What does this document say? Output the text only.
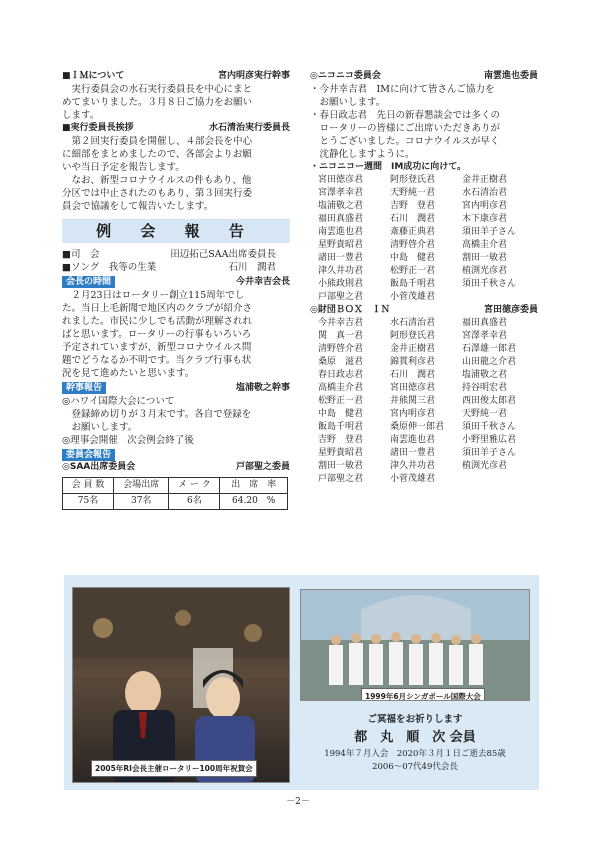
■ＩＭについて	宮内明彦実行幹事
実行委員会の水石実行委員長を中心にまと
めてまいりました。３月８日ご協力をお願い
します。
■実行委員長挨拶	水石清治実行委員長
第２回実行委員を開催し、４部会長を中心
に細部をまとめましたので、各部会よりお願
いや当日予定を報告します。
なお、新型コロナウイルスの件もあり、他
分区では中止されたのもあり、第３回実行委
員会で協議をして報告いたします。
例 会 報 告
■司　会	田辺拓己SAA出席委員長
■ソング　我等の生業	石川　潤君
会長の時間	今井幸吉会長
２月23日はロータリー創立115周年でし
た。当日上毛新聞で地区内のクラブが紹介さ
れました。市民に少しでも活動が理解されれ
ばと思います。ロータリーの行事もいろいろ
予定されていますが、新型コロナウイルス問
題でどうなるか不明です。当クラブ行事も状
況を見て進めたいと思います。
幹事報告	塩浦敬之幹事
◎ハワイ国際大会について
登録締め切りが３月末です。各自で登録を
お願いします。
◎理事会開催　次会例会終了後
委員会報告
◎SAA出席委員会	戸部聖之委員
会 員 数	会場出席	メ ー ク	出　席　率
75名	37名	6名	64.20　%
◎ニコニコ委員会	南雲進也委員
・今井幸吉君　IMに向けて皆さんご協力を
お願いします。
・春日政志君　先日の新春懇談会では多くの
ロータリーの皆様にご出席いただきありが
とうございました。コロナウイルスが早く
沈静化しますように。
・ニコニコー週間　IM成功に向けて。
宮田徳彦君	阿形登氏君	金井正樹君
宮澤孝幸君	天野純一君	水石清治君
塩浦敬之君	吉野　登君	宮内明彦君
福田真盛君	石川　潤君	木下康彦君
南雲進也君	斎藤正典君	須田羊子さん
星野貴昭君	清野啓介君	高橋圭介君
諸田一豊君	中島　健君	割田一敏君
津久井功君	松野正一君	植渕光彦君
小熊政則君	飯島千明君	須田千秋さん
戸部聖之君	小菅茂雄君
◎財団ＢＯＸ　ＩＮ	宮田徳彦委員
今井幸吉君	水石清治君	福田真盛君
関　真一君	阿形登氏君	宮澤孝幸君
清野啓介君	金井正樹君	石澤雄一郎君
桑原　滋君	錦貫利彦君	山田龍之介君
春日政志君	石川　潤君	塩浦敬之君
高橋圭介君	宮田徳彦君	持谷明宏君
松野正一君	井熊関三君	西田俊太郎君
中島　健君	宮内明彦君	天野純一君
飯島千明君	桑原伸一郎君	須田千秋さん
吉野　登君	南雲進也君	小野里雅広君
星野貴昭君	諸田一豊君	須田羊子さん
割田一敏君	津久井功君	植渕光彦君
戸部聖之君	小菅茂雄君
2005年RI会長主催ロータリー100周年祝賀会
1999年6月シンガポール国際大会
ご冥福をお祈りします
都　丸　順　次 会員
1994年７月入会　2020年３月１日ご逝去85歳
2006～07代49代会長
－2－
